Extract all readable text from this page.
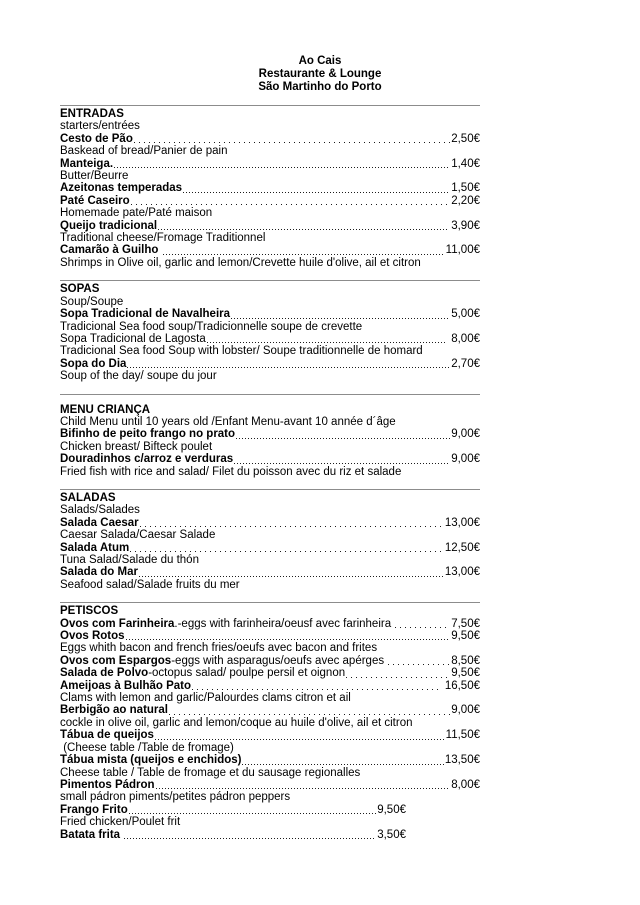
Ao Cais
Restaurante & Lounge
São Martinho do Porto
ENTRADAS
starters/entrées
Cesto de Pão	2,50€
Baskead of bread/Panier de pain
Manteiga.	1,40€
Butter/Beurre
Azeitonas temperadas	1,50€
Paté Caseiro	2,20€
Homemade pate/Paté maison
Queijo tradicional	3,90€
Traditional cheese/Fromage Traditionnel
Camarão à Guilho	11,00€
Shrimps in Olive oil, garlic and lemon/Crevette huile d'olive, ail et citron
SOPAS
Soup/Soupe
Sopa Tradicional de Navalheira	5,00€
Tradicional Sea food soup/Tradicionnelle soupe de crevette
Sopa Tradicional de Lagosta	8,00€
Tradicional Sea food Soup with lobster/ Soupe traditionnelle de homard
Sopa do Dia	2,70€
Soup of the day/ soupe du jour
MENU CRIANÇA
Child Menu until 10 years old /Enfant Menu-avant 10 année d´âge
Bifinho de peito frango no prato	9,00€
Chicken breast/ Bifteck poulet
Douradinhos c/arroz e verduras	9,00€
Fried fish with rice and salad/ Filet du poisson avec du riz et salade
SALADAS
Salads/Salades
Salada Caesar	13,00€
Caesar Salada/Caesar Salade
Salada Atum	12,50€
Tuna Salad/Salade du thón
Salada do Mar	13,00€
Seafood salad/Salade fruits du mer
PETISCOS
Ovos com Farinheira .-eggs with farinheira/oeusf avec farinheira	7,50€
Ovos Rotos	9,50€
Eggs whith bacon and french fries/oeufs avec bacon and frites
Ovos com Espargos -eggs with asparagus/oeufs avec apérges	8,50€
Salada de Polvo -octopus salad/ poulpe persil et oignon	9,50€
Ameijoas à Bulhão Pato	16,50€
Clams with lemon and garlic/Palourdes clams citron et ail
Berbigão ao natural	9,00€
cockle in olive oil, garlic and lemon/coque au huile d'olive, ail et citron
Tábua de queijos	11,50€
(Cheese table /Table de fromage)
Tábua mista (queijos e enchidos)	13,50€
Cheese table / Table de fromage et du sausage regionalles
Pimentos Pádron	8,00€
small pádron piments/petites pádron peppers
Frango Frito	9,50€
Fried chicken/Poulet frit
Batata frita	3,50€
